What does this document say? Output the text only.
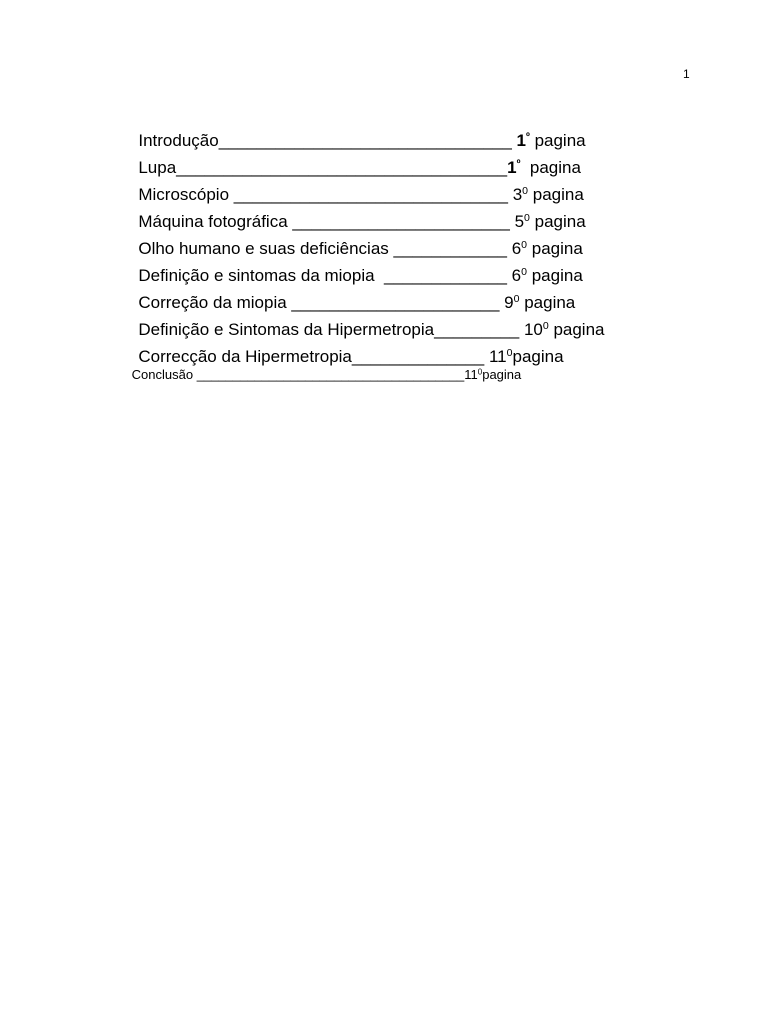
1

Introdução_______________________________ 1$^º$ pagina

Lupa___________________________________1$^º$  pagina

Microscópio _____________________________ 3$^0$ pagina

Máquina fotográfica _______________________ 5$^0$ pagina

Olho humano e suas deficiências ____________ 6$^0$ pagina

Definição e sintomas da miopia  _____________ 6$^0$ pagina

Correção da miopia ______________________ 9$^0$ pagina

Definição e Sintomas da Hipermetropia_________ 10$^0$ pagina

Correcção da Hipermetropia______________ 11$^0$pagina

Conclusão _____________________________________11$^0$pagina
